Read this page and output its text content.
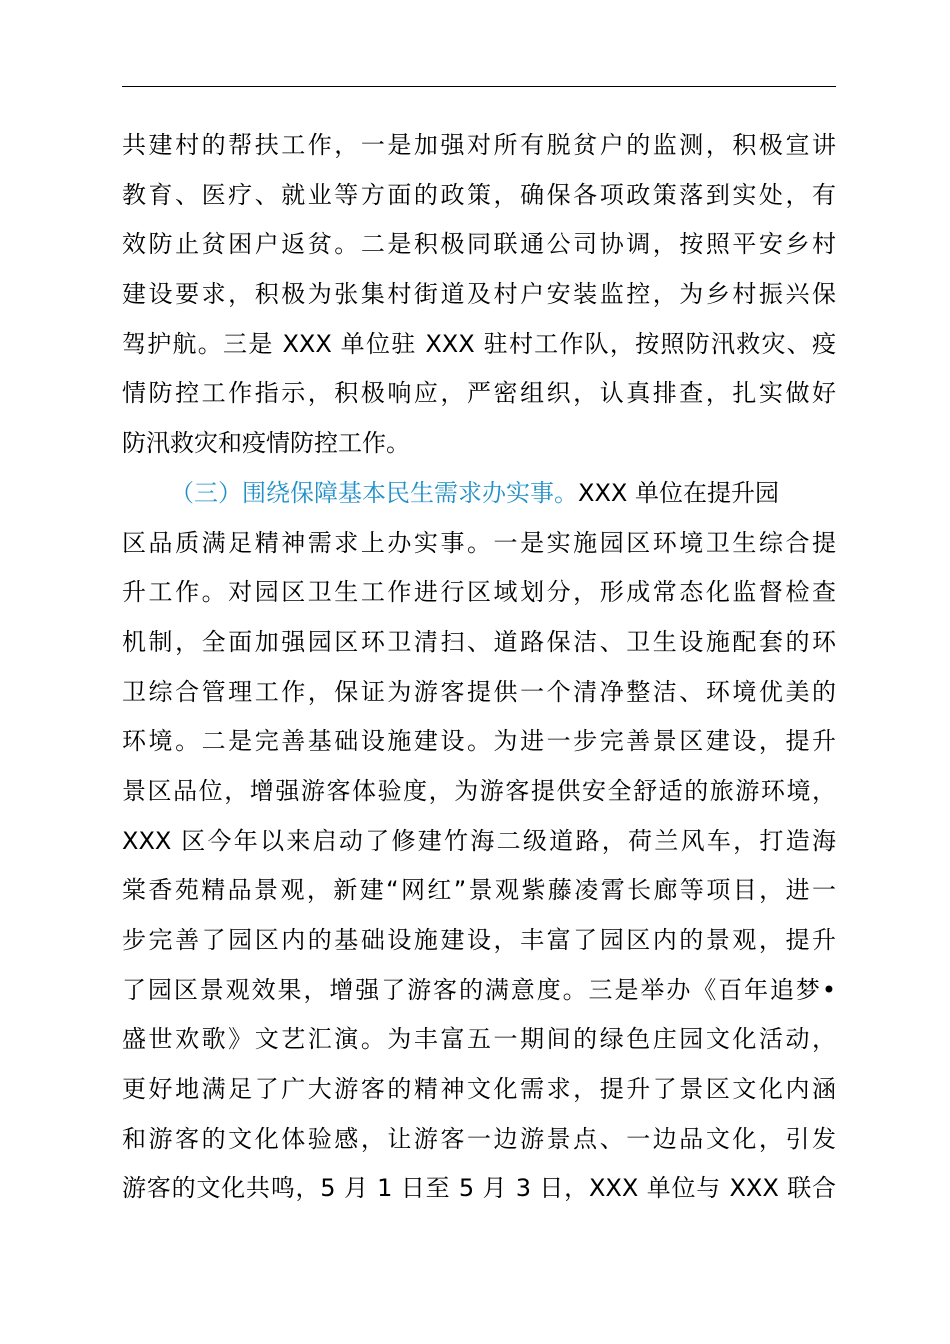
共建村的帮扶工作，一是加强对所有脱贫户的监测，积极宣讲
教育、医疗、就业等方面的政策，确保各项政策落到实处，有
效防止贫困户返贫。二是积极同联通公司协调，按照平安乡村
建设要求，积极为张集村街道及村户安装监控，为乡村振兴保
驾护航。三是 XXX 单位驻 XXX 驻村工作队，按照防汛救灾、疫
情防控工作指示，积极响应，严密组织，认真排查，扎实做好
防汛救灾和疫情防控工作。
（三）围绕保障基本民生需求办实事。XXX 单位在提升园
区品质满足精神需求上办实事。一是实施园区环境卫生综合提
升工作。对园区卫生工作进行区域划分，形成常态化监督检查
机制，全面加强园区环卫清扫、道路保洁、卫生设施配套的环
卫综合管理工作，保证为游客提供一个清净整洁、环境优美的
环境。二是完善基础设施建设。为进一步完善景区建设，提升
景区品位，增强游客体验度，为游客提供安全舒适的旅游环境，
XXX 区今年以来启动了修建竹海二级道路，荷兰风车，打造海
棠香苑精品景观，新建“网红”景观紫藤凌霄长廊等项目，进一
步完善了园区内的基础设施建设，丰富了园区内的景观，提升
了园区景观效果，增强了游客的满意度。三是举办《百年追梦•
盛世欢歌》文艺汇演。为丰富五一期间的绿色庄园文化活动，
更好地满足了广大游客的精神文化需求，提升了景区文化内涵
和游客的文化体验感，让游客一边游景点、一边品文化，引发
游客的文化共鸣，5 月 1 日至 5 月 3 日，XXX 单位与 XXX 联合
